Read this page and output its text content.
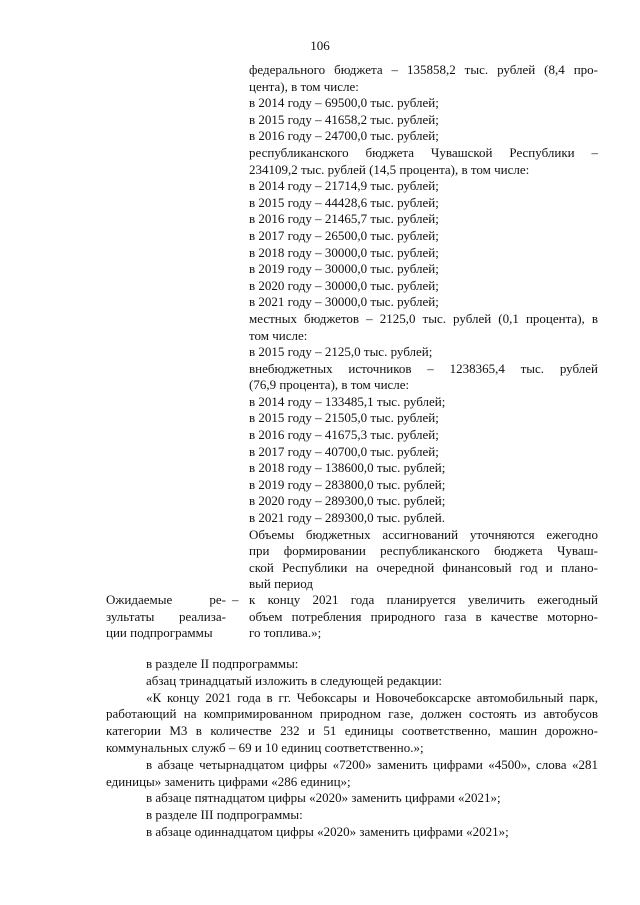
106

федерального бюджета – 135858,2 тыс. рублей (8,4 про-

цента), в том числе:

в 2014 году – 69500,0 тыс. рублей;

в 2015 году – 41658,2 тыс. рублей;

в 2016 году – 24700,0 тыс. рублей;

республиканского бюджета Чувашской Республики –

234109,2 тыс. рублей (14,5 процента), в том числе:

в 2014 году – 21714,9 тыс. рублей;

в 2015 году – 44428,6 тыс. рублей;

в 2016 году – 21465,7 тыс. рублей;

в 2017 году – 26500,0 тыс. рублей;

в 2018 году – 30000,0 тыс. рублей;

в 2019 году – 30000,0 тыс. рублей;

в 2020 году – 30000,0 тыс. рублей;

в 2021 году – 30000,0 тыс. рублей;

местных бюджетов – 2125,0 тыс. рублей (0,1 процента), в

том числе:

в 2015 году – 2125,0 тыс. рублей;

внебюджетных источников – 1238365,4 тыс. рублей

(76,9 процента), в том числе:

в 2014 году – 133485,1 тыс. рублей;

в 2015 году – 21505,0 тыс. рублей;

в 2016 году – 41675,3 тыс. рублей;

в 2017 году – 40700,0 тыс. рублей;

в 2018 году – 138600,0 тыс. рублей;

в 2019 году – 283800,0 тыс. рублей;

в 2020 году – 289300,0 тыс. рублей;

в 2021 году – 289300,0 тыс. рублей.

Объемы бюджетных ассигнований уточняются ежегодно

при формировании республиканского бюджета Чуваш-

ской Республики на очередной финансовый год и плано-

вый период

Ожидаемые ре-
зультаты реализа-
ции подпрограммы
– к концу 2021 года планируется увеличить ежегодный

объем потребления природного газа в качестве моторно-

го топлива.»;

в разделе II подпрограммы:

абзац тринадцатый изложить в следующей редакции:

«К концу 2021 года в гг. Чебоксары и Новочебоксарске автомобильный парк, работающий на компримированном природном газе, должен состоять из автобусов категории М3 в количестве 232 и 51 единицы соответственно, машин дорожно-коммунальных служб – 69 и 10 единиц соответственно.»;

в абзаце четырнадцатом цифры «7200» заменить цифрами «4500», слова «281 единицы» заменить цифрами «286 единиц»;

в абзаце пятнадцатом цифры «2020» заменить цифрами «2021»;

в разделе III подпрограммы:

в абзаце одиннадцатом цифры «2020» заменить цифрами «2021»;
